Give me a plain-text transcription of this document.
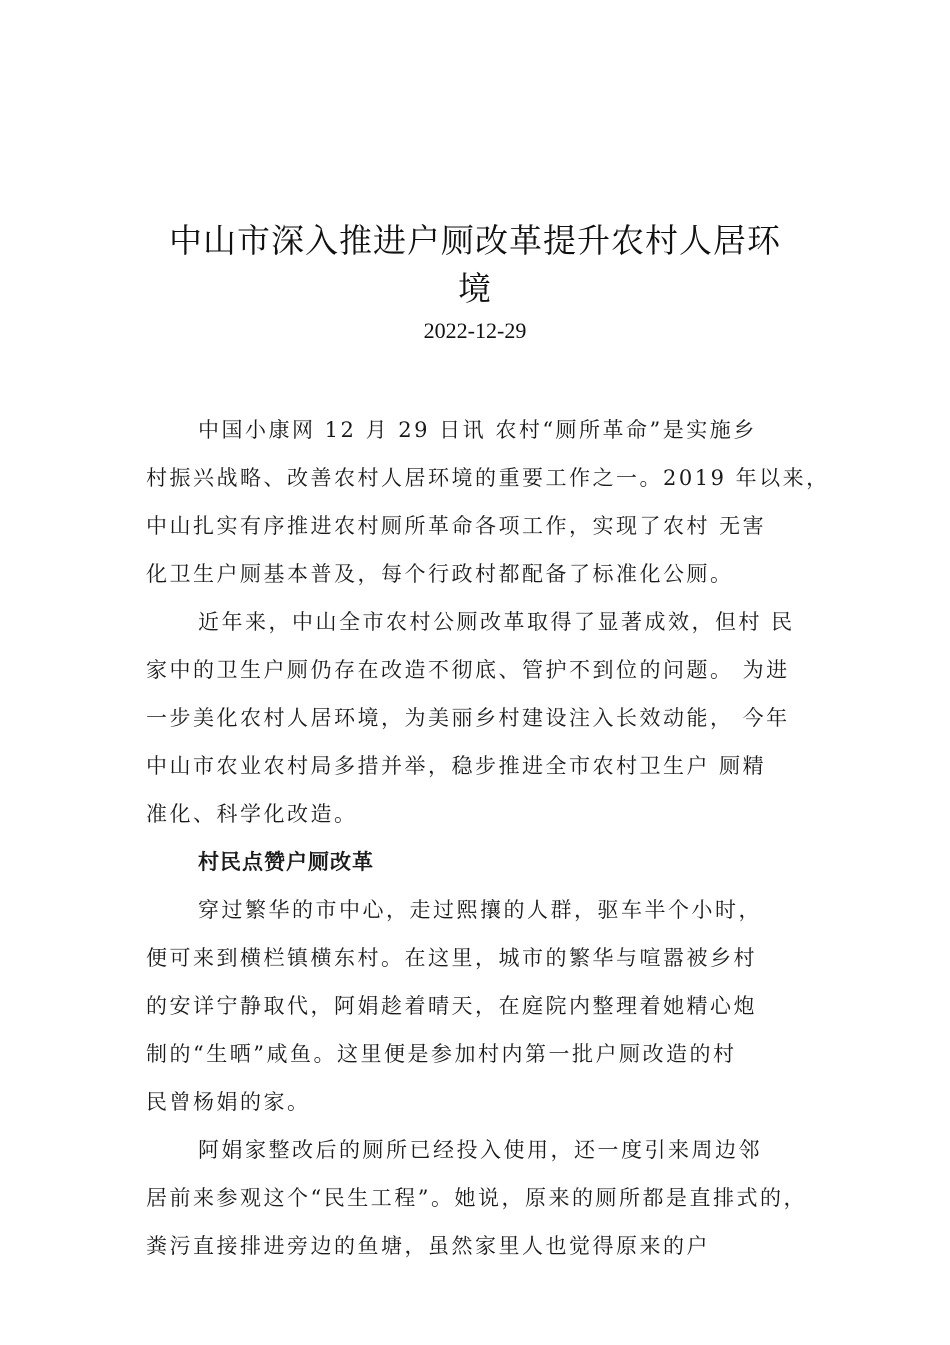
中山市深入推进户厕改革提升农村人居环
境
2022-12-29
中国小康网 12 月 29 日讯 农村“厕所革命”是实施乡
村振兴战略、改善农村人居环境的重要工作之一。2019 年以来，
中山扎实有序推进农村厕所革命各项工作，实现了农村 无害
化卫生户厕基本普及，每个行政村都配备了标准化公厕。
近年来，中山全市农村公厕改革取得了显著成效，但村 民
家中的卫生户厕仍存在改造不彻底、管护不到位的问题。 为进
一步美化农村人居环境，为美丽乡村建设注入长效动能， 今年
中山市农业农村局多措并举，稳步推进全市农村卫生户 厕精
准化、科学化改造。
村民点赞户厕改革
穿过繁华的市中心，走过熙攘的人群，驱车半个小时，
便可来到横栏镇横东村。在这里，城市的繁华与喧嚣被乡村
的安详宁静取代，阿娟趁着晴天，在庭院内整理着她精心炮
制的“生晒”咸鱼。这里便是参加村内第一批户厕改造的村
民曾杨娟的家。
阿娟家整改后的厕所已经投入使用，还一度引来周边邻
居前来参观这个“民生工程”。她说，原来的厕所都是直排式的，
粪污直接排进旁边的鱼塘，虽然家里人也觉得原来的户
